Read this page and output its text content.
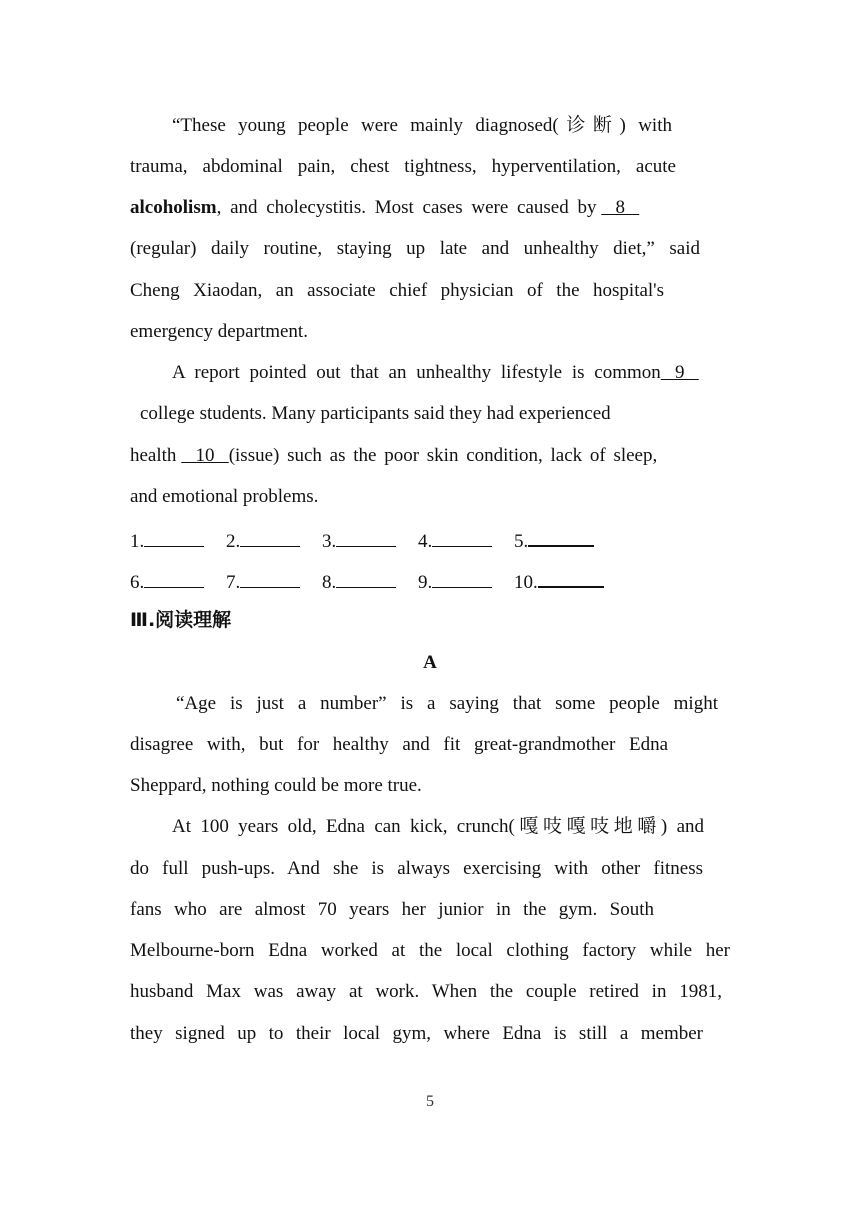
“These young people were mainly diagnosed(诊断) with
trauma, abdominal pain, chest tightness, hyperventilation, acute
alcoholism, and cholecystitis. Most cases were caused by    8
(regular) daily routine, staying up late and unhealthy diet,” said
Cheng Xiaodan, an associate chief physician of the hospital's
emergency department.
A report pointed out that an unhealthy lifestyle is common   9
college students. Many participants said they had experienced
health    10   (issue) such as the poor skin condition, lack of sleep,
and emotional problems.
1.	2.	3.	4.	5.
6.	7.	8.	9.	10.
Ⅲ.阅读理解
A
“Age is just a number” is a saying that some people might
disagree with, but for healthy and fit great-grandmother Edna
Sheppard, nothing could be more true.
At 100 years old, Edna can kick, crunch(嘎吱嘎吱地嚼) and
do full push-ups. And she is always exercising with other fitness
fans who are almost 70 years her junior in the gym. South
Melbourne-born Edna worked at the local clothing factory while her
husband Max was away at work. When the couple retired in 1981,
they signed up to their local gym, where Edna is still a member
5
